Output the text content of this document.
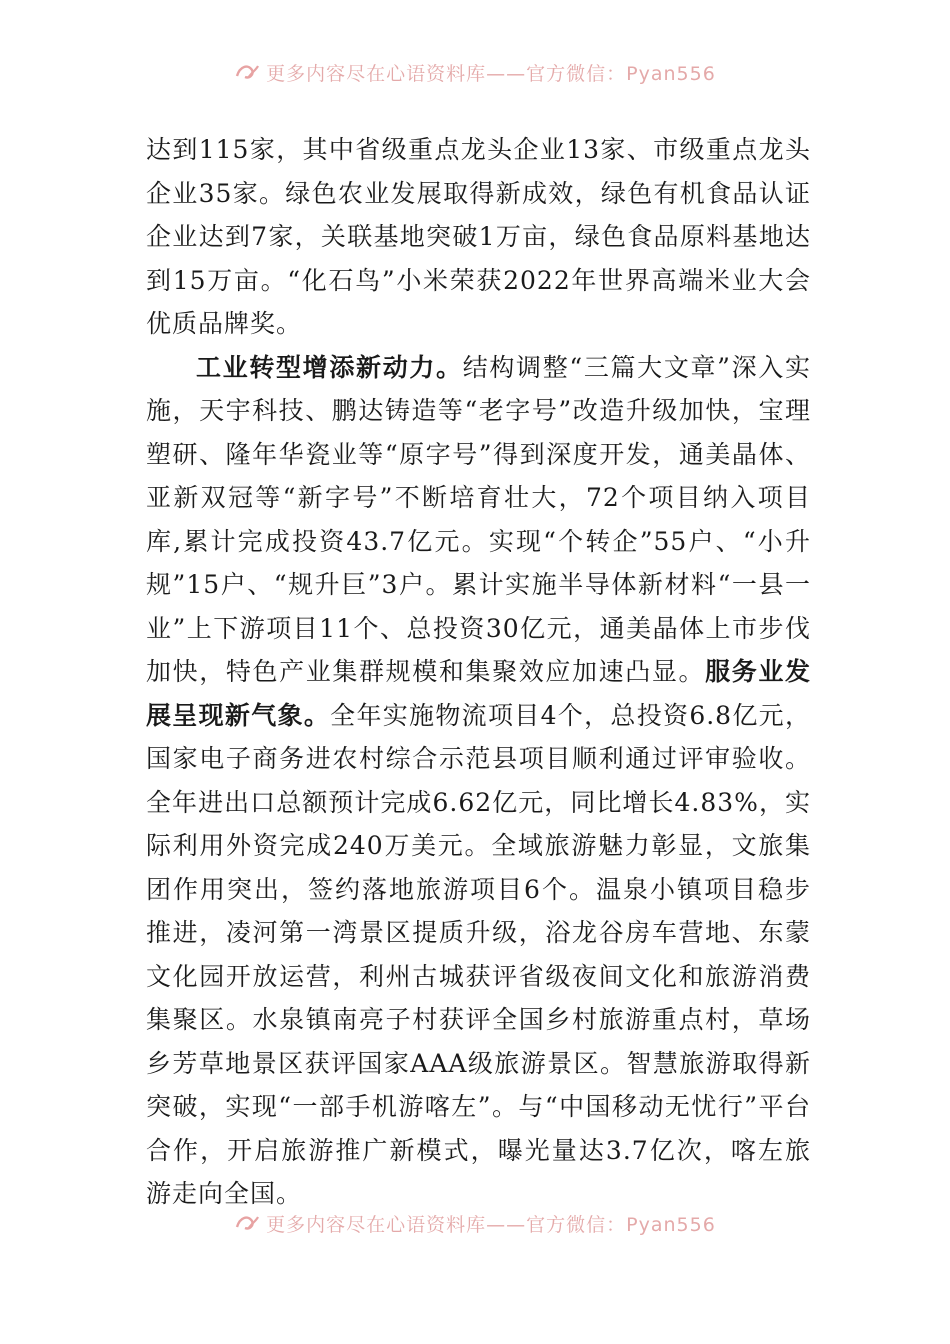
更多内容尽在心语资料库——官方微信：Pyan556

达到115家，其中省级重点龙头企业13家、市级重点龙头企业35家。绿色农业发展取得新成效，绿色有机食品认证企业达到7家，关联基地突破1万亩，绿色食品原料基地达到15万亩。“化石鸟”小米荣获2022年世界高端米业大会优质品牌奖。

工业转型增添新动力。结构调整“三篇大文章”深入实施，天宇科技、鹏达铸造等“老字号”改造升级加快，宝理塑研、隆年华瓷业等“原字号”得到深度开发，通美晶体、亚新双冠等“新字号”不断培育壮大，72个项目纳入项目库,累计完成投资43.7亿元。实现“个转企”55户、“小升规”15户、“规升巨”3户。累计实施半导体新材料“一县一业”上下游项目11个、总投资30亿元，通美晶体上市步伐加快，特色产业集群规模和集聚效应加速凸显。服务业发展呈现新气象。全年实施物流项目4个，总投资6.8亿元，国家电子商务进农村综合示范县项目顺利通过评审验收。全年进出口总额预计完成6.62亿元，同比增长4.83%，实际利用外资完成240万美元。全域旅游魅力彰显，文旅集团作用突出，签约落地旅游项目6个。温泉小镇项目稳步推进，凌河第一湾景区提质升级，浴龙谷房车营地、东蒙文化园开放运营，利州古城获评省级夜间文化和旅游消费集聚区。水泉镇南亮子村获评全国乡村旅游重点村，草场乡芳草地景区获评国家AAA级旅游景区。智慧旅游取得新突破，实现“一部手机游喀左”。与“中国移动无忧行”平台合作，开启旅游推广新模式，曝光量达3.7亿次，喀左旅游走向全国。

更多内容尽在心语资料库——官方微信：Pyan556
